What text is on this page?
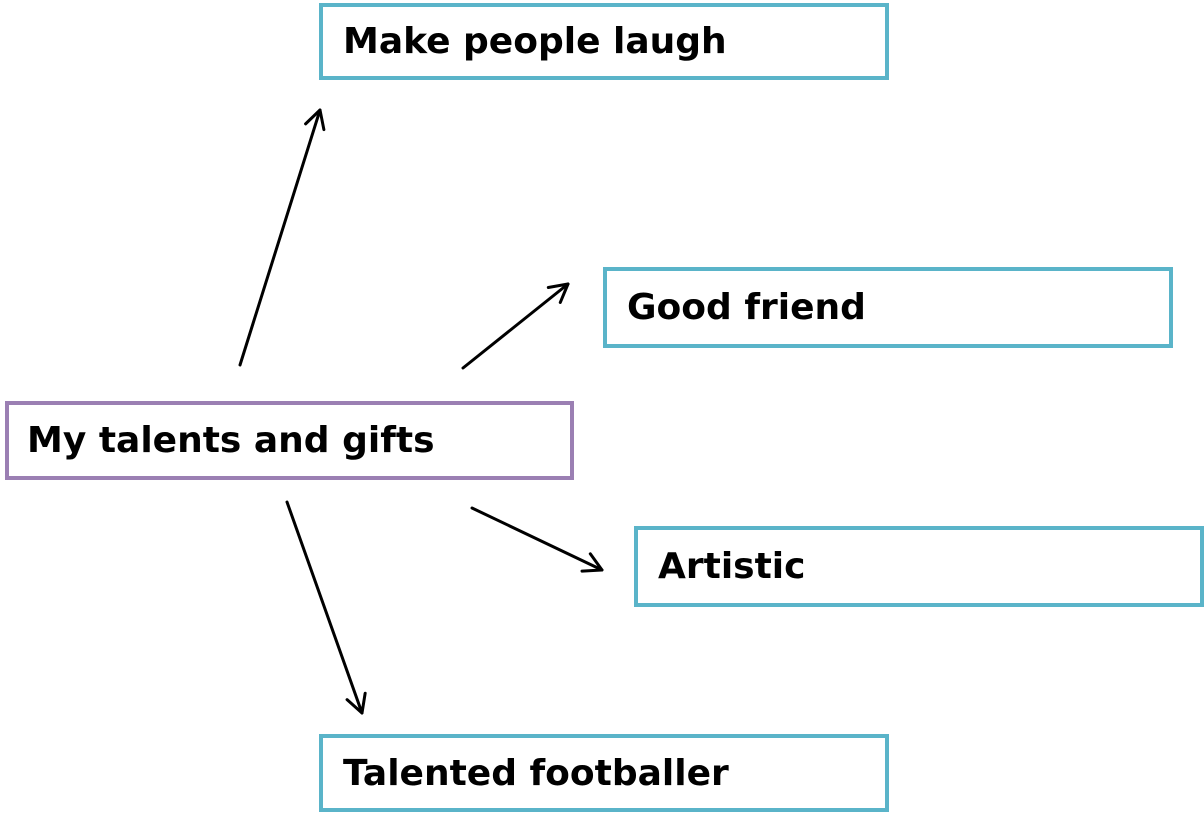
My talents and gifts
Make people laugh
Good friend
Artistic
Talented footballer
